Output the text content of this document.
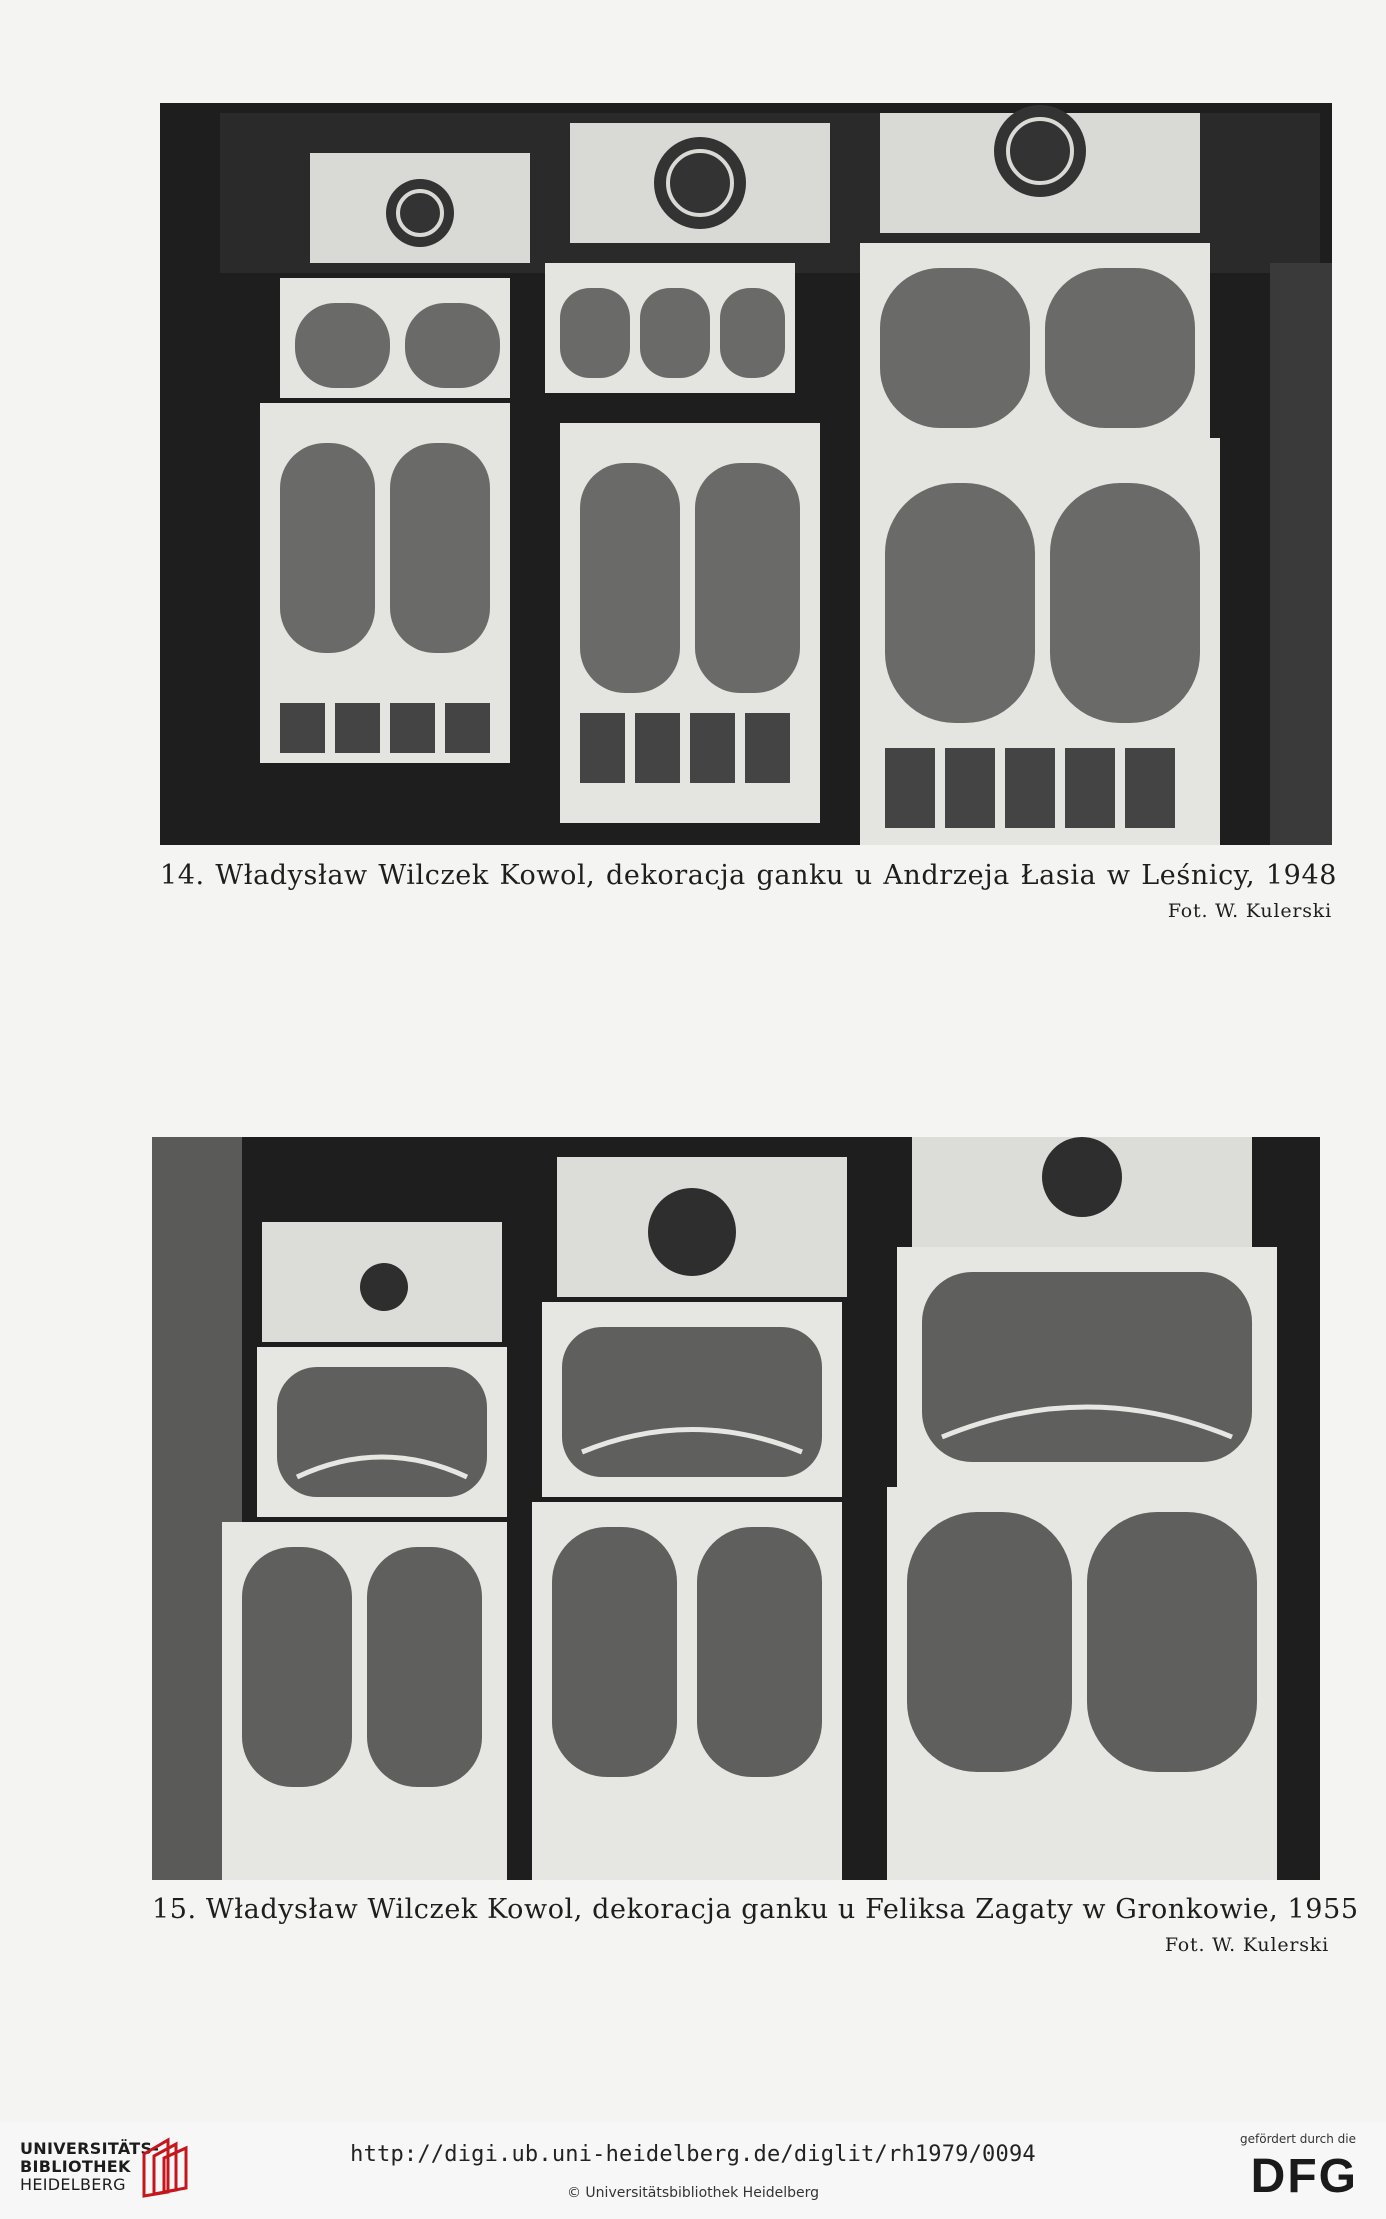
14. Władysław Wilczek Kowol, dekoracja ganku u Andrzeja Łasia w Leśnicy, 1948
Fot. W. Kulerski
15. Władysław Wilczek Kowol, dekoracja ganku u Feliksa Zagaty w Gronkowie, 1955
Fot. W. Kulerski
UNIVERSITÄTS-
BIBLIOTHEK
HEIDELBERG
http://digi.ub.uni-heidelberg.de/diglit/rh1979/0094
© Universitätsbibliothek Heidelberg
gefördert durch die
DFG
